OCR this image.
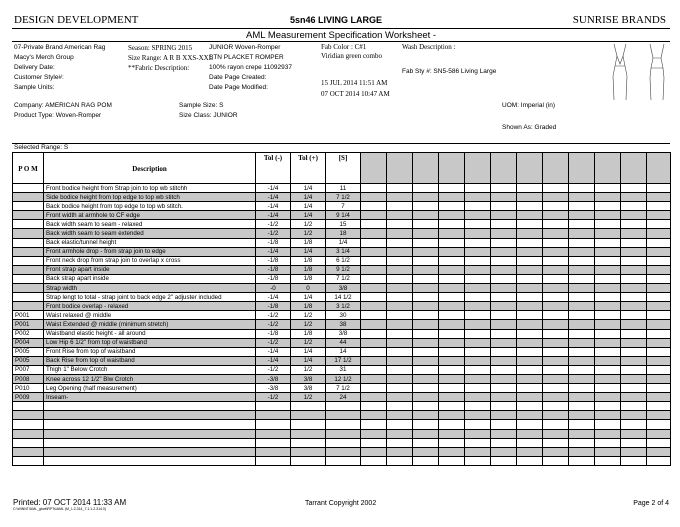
DESIGN DEVELOPMENT	5sn46 LIVING LARGE	SUNRISE BRANDS
AML Measurement Specification Worksheet -
07-Private Brand American Rag
Macy's Merch Group
Delivery Date:
Customer Style#:
Sample Units:
Season: SPRING 2015
Size Range: A R B XXS-XXL
**Fabric Description:
JUNIOR Woven-Romper
BTN PLACKET ROMPER
100% rayon crepe 11092937
Date Page Created:
Date Page Modified:
Fab Color : C#1
Viridian green combo
15 JUL 2014 11:51 AM
07 OCT 2014 10:47 AM
Wash Description :
Fab Sty #: SN5-586 Living Large
Company: AMERICAN RAG POM
Product Type: Woven-Romper
Sample Size: S
Size Class: JUNIOR
UOM: Imperial (in)
Shown As: Graded
Selected Range: S
P O M	Description	Tol (-)	Tol (+)	[S]												
	Front bodice height from Strap join to top wb stitchh	-1/4	1/4	11												
	Side bodice height from top edge to top wb stitch	-1/4	1/4	7 1/2												
	Back bodice height from top edge to top wb stitch.	-1/4	1/4	7												
	Front width at armhole to CF edge	-1/4	1/4	9 1/4												
	Back width seam to seam - relaxed	-1/2	1/2	15												
	Back width seam to seam extended	-1/2	1/2	18												
	Back elastic/tunnel height	-1/8	1/8	1/4												
	Front armhole drop - from strap join to edge	-1/4	1/4	3 1/4												
	Front neck drop from strap join to overlap x cross	-1/8	1/8	6 1/2												
	Front strap apart inside	-1/8	1/8	9 1/2												
	Back strap apart inside	-1/8	1/8	7 1/2												
	Strap width	-0	0	3/8												
	Strap lengt to total - strap joint to back edge 2" adjuster included	-1/4	1/4	14 1/2												
	Front bodice overlap - relaxed	-1/8	1/8	3 1/2												
P001	Waist relaxed @ middle	-1/2	1/2	30												
P001	Waist Extended @ middle (minimum stretch)	-1/2	1/2	38												
P002	Waistband elastic height - all around	-1/8	1/8	3/8												
P004	Low Hip 6 1/2" from top of waistband	-1/2	1/2	44												
P005	Front Rise from top of waistband	-1/4	1/4	14												
P005	Back Rise from top of waistband	-1/4	1/4	17 1/2												
P007	Thigh 1" Below Crotch	-1/2	1/2	31												
P008	Knee across 12 1/2" Blw Crotch	-3/8	3/8	12 1/2												
P010	Leg Opening (half measurement)	-3/8	3/8	7 1/2												
P009	Inseam-	-1/2	1/2	24												

Printed: 07 OCT 2014 11:33 AM
C:\WINNT\AML_gbwt\RPTs\AML (M_1.2.314_7.1.1.2.314.0)
Tarrant Copyright 2002	Page 2 of 4
